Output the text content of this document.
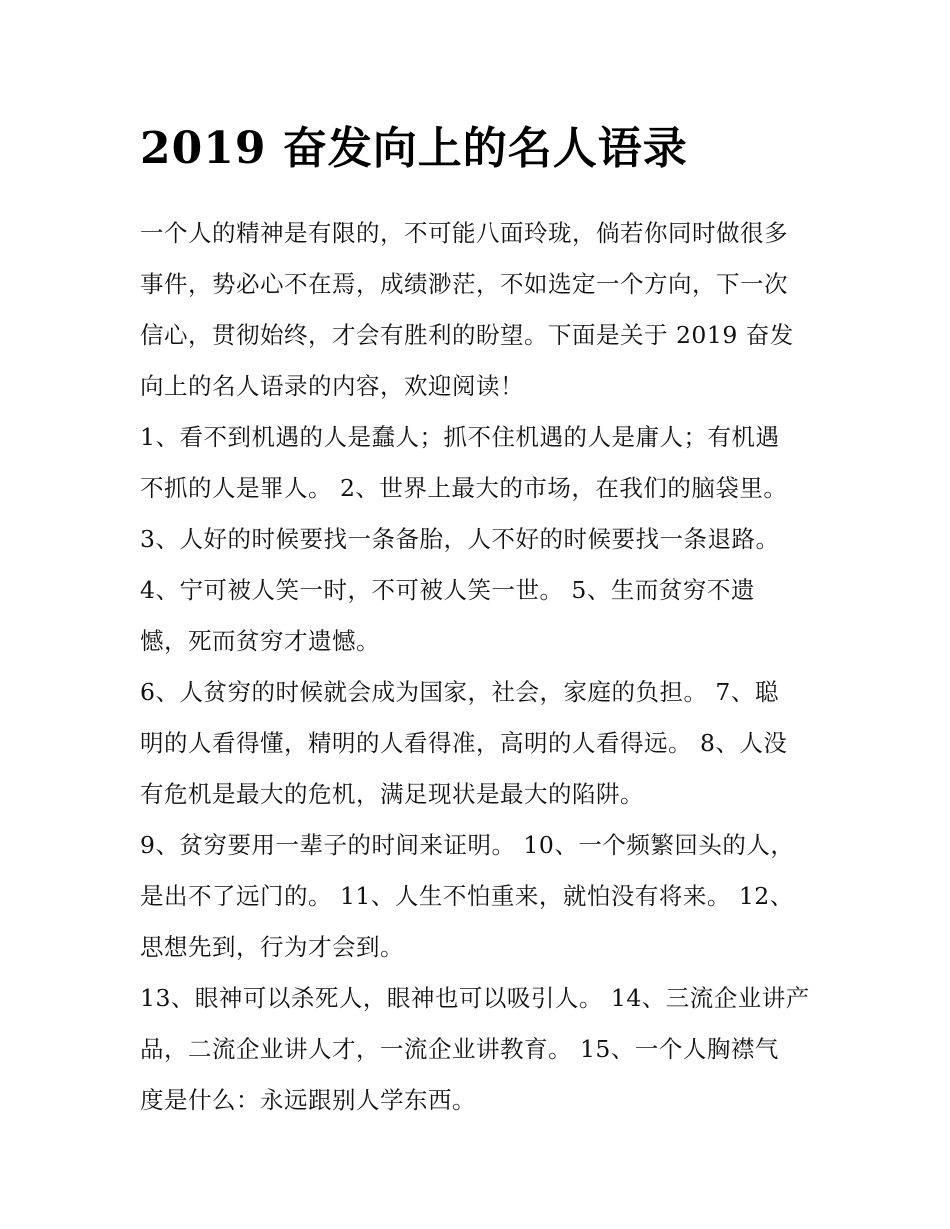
2019 奋发向上的名人语录
一个人的精神是有限的，不可能八面玲珑，倘若你同时做很多
事件，势必心不在焉，成绩渺茫，不如选定一个方向，下一次
信心，贯彻始终，才会有胜利的盼望。下面是关于 2019 奋发
向上的名人语录的内容，欢迎阅读！
1、看不到机遇的人是蠢人；抓不住机遇的人是庸人；有机遇
不抓的人是罪人。 2、世界上最大的市场，在我们的脑袋里。
3、人好的时候要找一条备胎，人不好的时候要找一条退路。
4、宁可被人笑一时，不可被人笑一世。 5、生而贫穷不遗
憾，死而贫穷才遗憾。
6、人贫穷的时候就会成为国家，社会，家庭的负担。 7、聪
明的人看得懂，精明的人看得准，高明的人看得远。 8、人没
有危机是最大的危机，满足现状是最大的陷阱。
9、贫穷要用一辈子的时间来证明。 10、一个频繁回头的人，
是出不了远门的。 11、人生不怕重来，就怕没有将来。 12、
思想先到，行为才会到。
13、眼神可以杀死人，眼神也可以吸引人。 14、三流企业讲产
品，二流企业讲人才，一流企业讲教育。 15、一个人胸襟气
度是什么：永远跟别人学东西。
